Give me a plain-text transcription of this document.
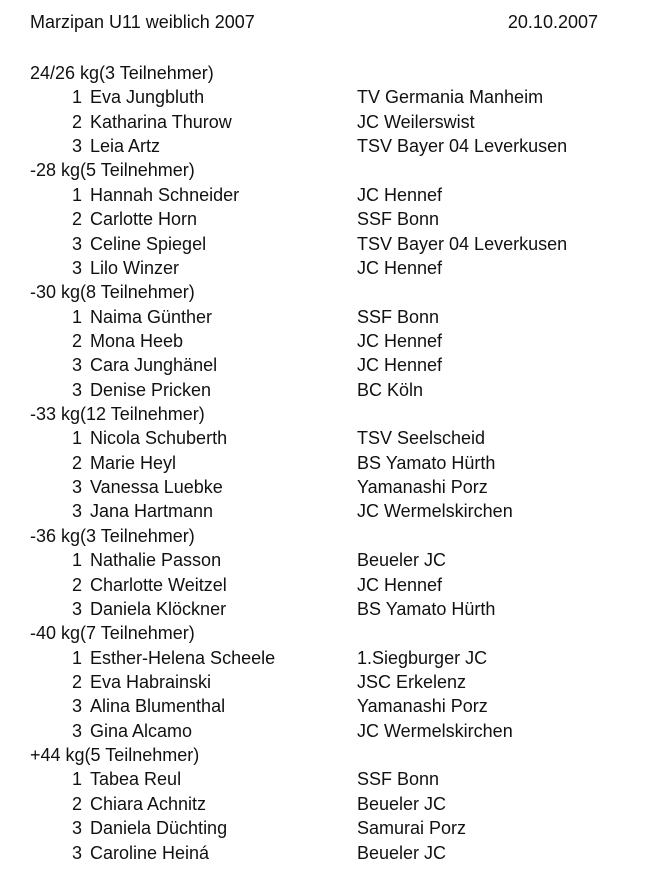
Marzipan U11 weiblich 2007	20.10.2007
24/26 kg(3 Teilnehmer)
1 Eva Jungbluth	TV Germania Manheim
2 Katharina Thurow	JC Weilerswist
3 Leia Artz	TSV Bayer 04 Leverkusen
-28 kg(5 Teilnehmer)
1 Hannah Schneider	JC Hennef
2 Carlotte Horn	SSF Bonn
3 Celine Spiegel	TSV Bayer 04 Leverkusen
3 Lilo Winzer	JC Hennef
-30 kg(8 Teilnehmer)
1 Naima Günther	SSF Bonn
2 Mona Heeb	JC Hennef
3 Cara Junghänel	JC Hennef
3 Denise Pricken	BC Köln
-33 kg(12 Teilnehmer)
1 Nicola Schuberth	TSV Seelscheid
2 Marie Heyl	BS Yamato Hürth
3 Vanessa Luebke	Yamanashi Porz
3 Jana Hartmann	JC Wermelskirchen
-36 kg(3 Teilnehmer)
1 Nathalie Passon	Beueler JC
2 Charlotte Weitzel	JC Hennef
3 Daniela Klöckner	BS Yamato Hürth
-40 kg(7 Teilnehmer)
1 Esther-Helena Scheele	1.Siegburger JC
2 Eva Habrainski	JSC Erkelenz
3 Alina Blumenthal	Yamanashi Porz
3 Gina Alcamo	JC Wermelskirchen
+44 kg(5 Teilnehmer)
1 Tabea Reul	SSF Bonn
2 Chiara Achnitz	Beueler JC
3 Daniela Düchting	Samurai Porz
3 Caroline Heiná	Beueler JC
